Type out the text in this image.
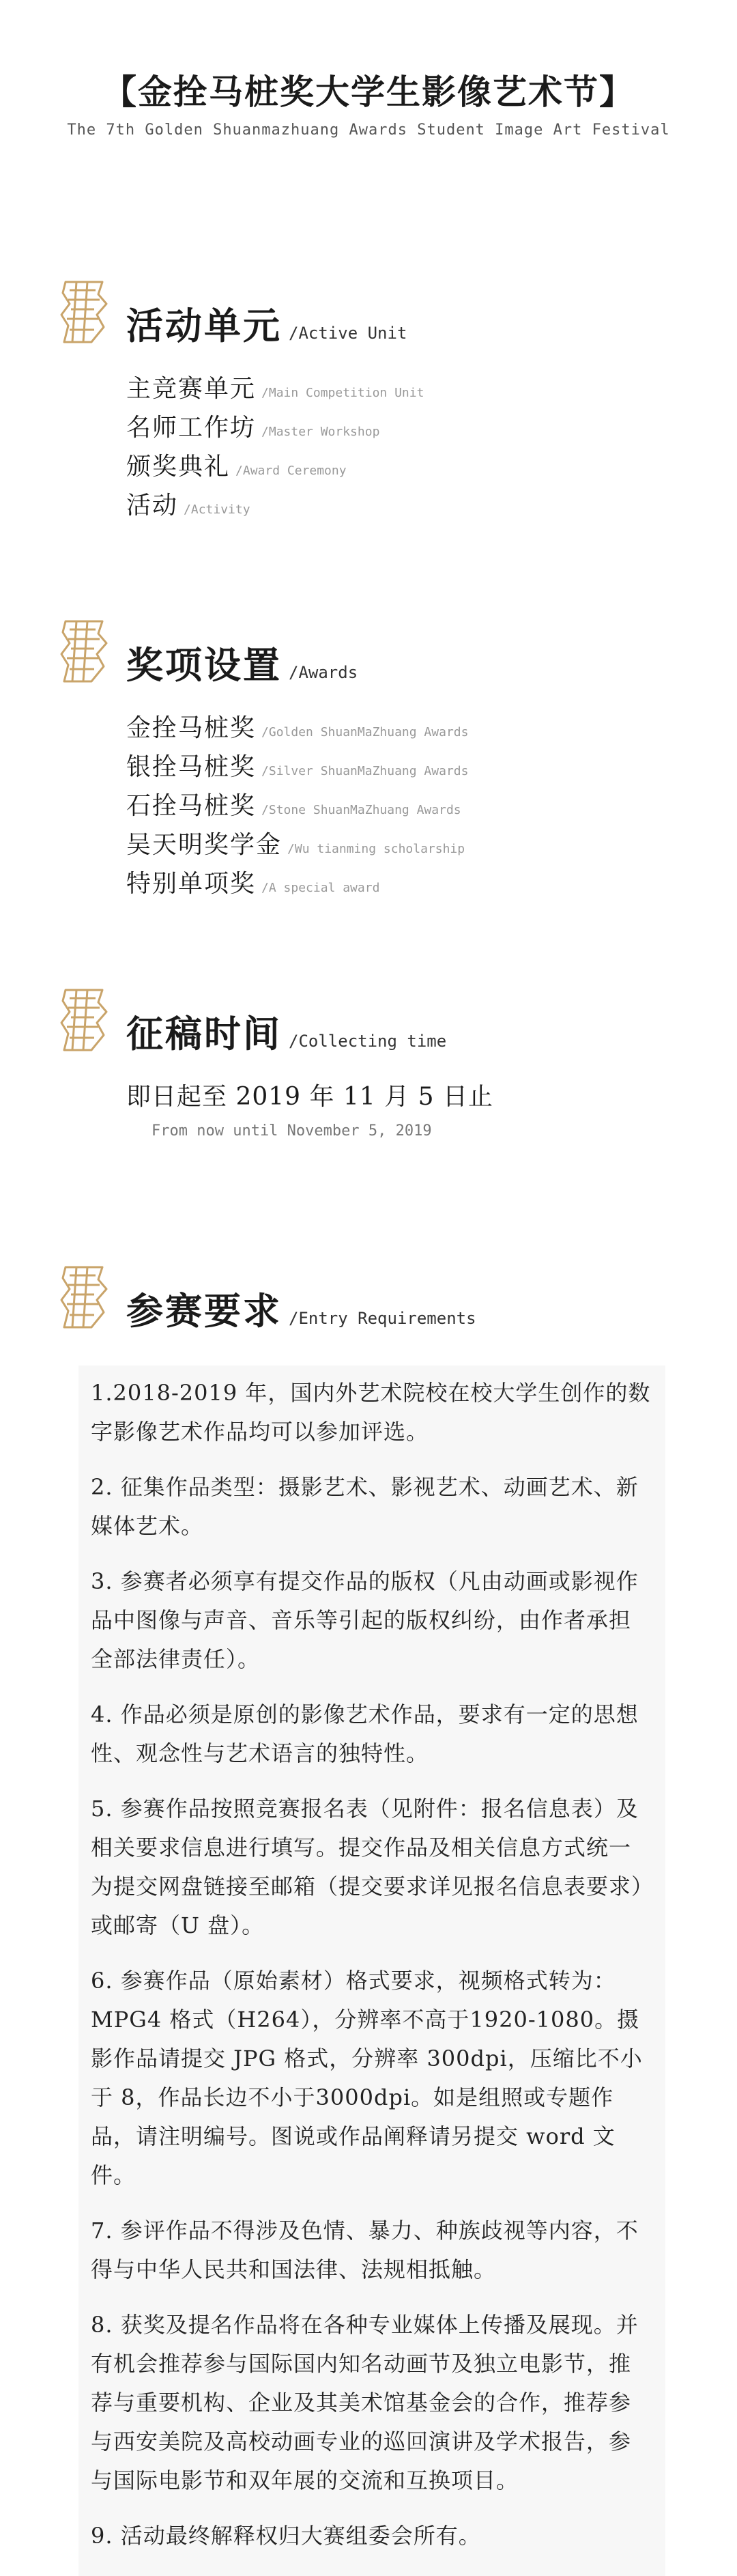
【金拴马桩奖大学生影像艺术节】
The 7th Golden Shuanmazhuang Awards Student Image Art Festival
活动单元 /Active Unit
主竞赛单元 /Main Competition Unit
名师工作坊 /Master Workshop
颁奖典礼 /Award Ceremony
活动 /Activity
奖项设置 /Awards
金拴马桩奖 /Golden ShuanMaZhuang Awards
银拴马桩奖 /Silver ShuanMaZhuang Awards
石拴马桩奖 /Stone ShuanMaZhuang Awards
吴天明奖学金 /Wu tianming scholarship
特别单项奖 /A special award
征稿时间 /Collecting time
即日起至 2019 年 11 月 5 日止
From now until November 5, 2019
参赛要求 /Entry Requirements
1.2018-2019 年，国内外艺术院校在校大学生创作的数字影像艺术作品均可以参加评选。
2. 征集作品类型：摄影艺术、影视艺术、动画艺术、新媒体艺术。
3. 参赛者必须享有提交作品的版权（凡由动画或影视作品中图像与声音、音乐等引起的版权纠纷，由作者承担全部法律责任）。
4. 作品必须是原创的影像艺术作品，要求有一定的思想性、观念性与艺术语言的独特性。
5. 参赛作品按照竞赛报名表（见附件：报名信息表）及相关要求信息进行填写。提交作品及相关信息方式统一为提交网盘链接至邮箱（提交要求详见报名信息表要求）或邮寄（U 盘）。
6. 参赛作品（原始素材）格式要求，视频格式转为：MPG4 格式（H264），分辨率不高于1920-1080。摄影作品请提交 JPG 格式，分辨率 300dpi，压缩比不小于 8，作品长边不小于3000dpi。如是组照或专题作品，请注明编号。图说或作品阐释请另提交 word 文件。
7. 参评作品不得涉及色情、暴力、种族歧视等内容，不得与中华人民共和国法律、法规相抵触。
8. 获奖及提名作品将在各种专业媒体上传播及展现。并有机会推荐参与国际国内知名动画节及独立电影节，推荐与重要机构、企业及其美术馆基金会的合作，推荐参与西安美院及高校动画专业的巡回演讲及学术报告，参与国际电影节和双年展的交流和互换项目。
9. 活动最终解释权归大赛组委会所有。
